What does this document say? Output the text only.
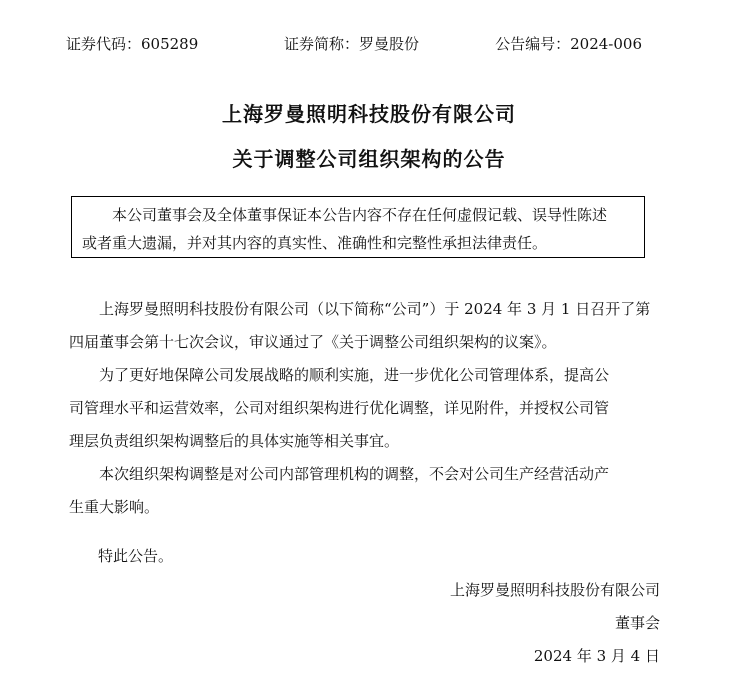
证券代码：605289	证券简称：罗曼股份	公告编号：2024-006
上海罗曼照明科技股份有限公司
关于调整公司组织架构的公告
本公司董事会及全体董事保证本公告内容不存在任何虚假记载、误导性陈述
或者重大遗漏，并对其内容的真实性、准确性和完整性承担法律责任。
上海罗曼照明科技股份有限公司（以下简称“公司”）于 2024 年 3 月 1 日召开了第
四届董事会第十七次会议，审议通过了《关于调整公司组织架构的议案》。
为了更好地保障公司发展战略的顺利实施，进一步优化公司管理体系，提高公
司管理水平和运营效率，公司对组织架构进行优化调整，详见附件，并授权公司管
理层负责组织架构调整后的具体实施等相关事宜。
本次组织架构调整是对公司内部管理机构的调整，不会对公司生产经营活动产
生重大影响。
特此公告。
上海罗曼照明科技股份有限公司
董事会
2024 年 3 月 4 日
